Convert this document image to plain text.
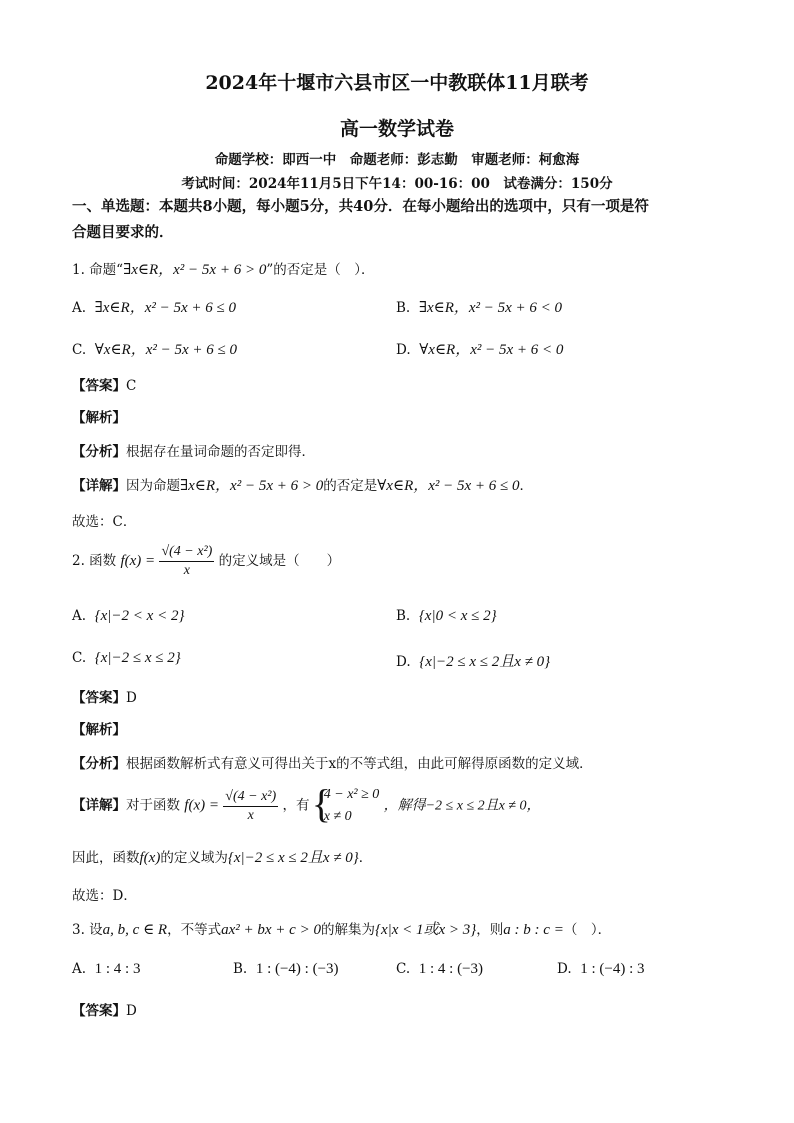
2024年十堰市六县市区一中教联体11月联考
高一数学试卷
命题学校：即西一中　命题老师：彭志勤　审题老师：柯愈海
考试时间：2024年11月5日下午14：00-16：00　试卷满分：150分
一、单选题：本题共8小题，每小题5分，共40分．在每小题给出的选项中，只有一项是符
合题目要求的．
1. 命题“∃x∈R，x² − 5x + 6 > 0”的否定是（　）．
A. ∃x∈R，x² − 5x + 6 ≤ 0	B. ∃x∈R，x² − 5x + 6 < 0
C. ∀x∈R，x² − 5x + 6 ≤ 0	D. ∀x∈R，x² − 5x + 6 < 0
【答案】C
【解析】
【分析】根据存在量词命题的否定即得．
【详解】因为命题∃x∈R，x² − 5x + 6 > 0的否定是∀x∈R，x² − 5x + 6 ≤ 0．
故选：C．
2. 函数 $f(x) = \frac{\text{√(4 − x²)}}{x}$ 的定义域是（　　）
A. {x|−2 < x < 2}	B. {x|0 < x ≤ 2}
C. {x|−2 ≤ x ≤ 2}	D. {x|−2 ≤ x ≤ 2且x ≠ 0}
【答案】D
【解析】
【分析】根据函数解析式有意义可得出关于x的不等式组，由此可解得原函数的定义域．
【详解】对于函数 $f(x) = \frac{\text{√(4 − x²)}}{x}$ ，有
{ 4 − x² ≥ 0
x ≠ 0
，解得−2 ≤ x ≤ 2且x ≠ 0，
因此，函数f(x)的定义域为{x|−2 ≤ x ≤ 2且x ≠ 0}．
故选：D．
3. 设a, b, c ∈ R，不等式ax² + bx + c > 0的解集为{x|x < 1或x > 3}，则a : b : c =（　）．
A. 1 : 4 : 3	B. 1 : (−4) : (−3)	C. 1 : 4 : (−3)	D. 1 : (−4) : 3
【答案】D
